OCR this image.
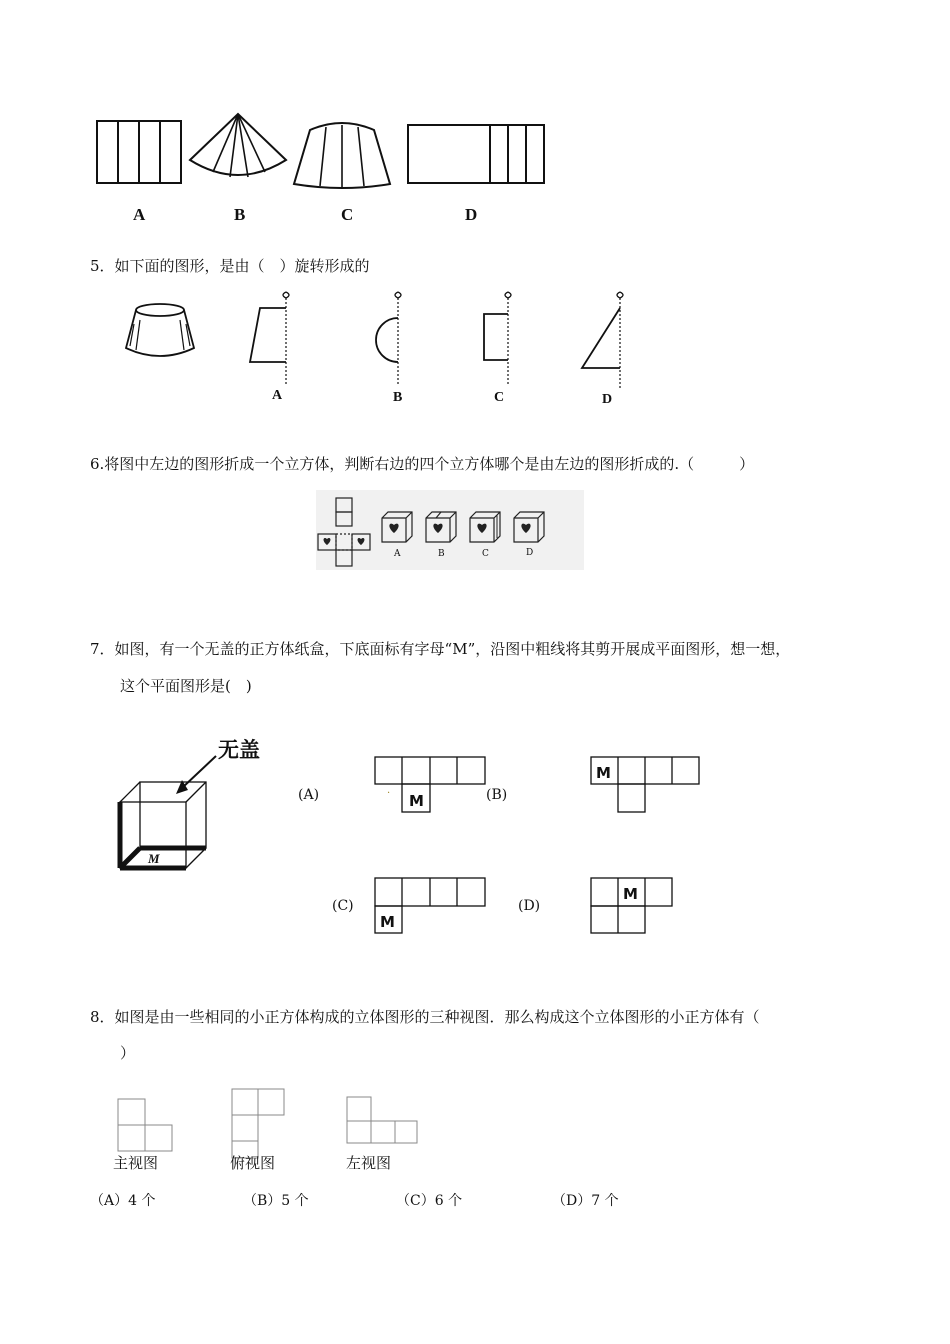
A	B	C	D
5．如下面的图形，是由（　）旋转形成的
A	B	C	D
6.将图中左边的图形折成一个立方体，判断右边的四个立方体哪个是由左边的图形折成的.（　　　）
A	B	C	D
7．如图，有一个无盖的正方体纸盒，下底面标有字母“M”，沿图中粗线将其剪开展成平面图形，想一想，
这个平面图形是(　)
无盖
M
(A)	M
·	(B)
M
(C)
M
(D)
M
8．如图是由一些相同的小正方体构成的立体图形的三种视图．那么构成这个立体图形的小正方体有（
）
主视图	俯视图	左视图
（A）4 个	（B）5 个	（C）6 个	（D）7 个
